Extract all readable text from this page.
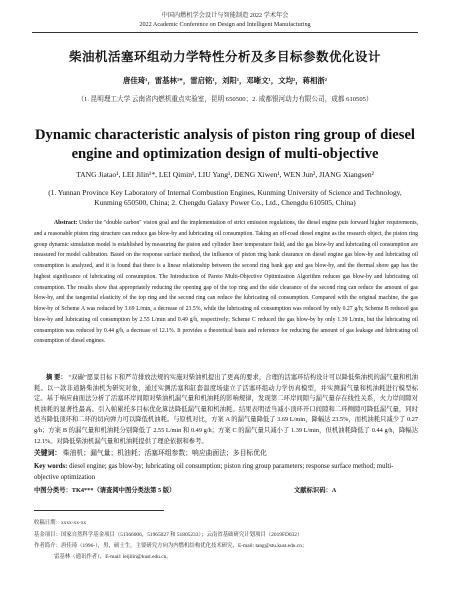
中国内燃机学会设计与智能制造 2022 学术年会
2022 Academic Conference on Design and Intelligent Manufacturing
柴油机活塞环组动力学特性分析及多目标参数优化设计
唐佳琦¹，雷基林¹*，雷启铭¹，刘阳¹，邓晰文¹，文均²，蒋相浙²
（1. 昆明理工大学 云南省内燃机重点实验室，昆明 650500；2. 成都银河动力有限公司，成都 610505）
Dynamic characteristic analysis of piston ring group of diesel engine and optimization design of multi-objective
TANG Jiatao¹, LEI Jilin¹*, LEI Qimin¹, LIU Yang¹, DENG Xiwen¹, WEN Jun², JIANG Xiangsen²
(1. Yunnan Province Key Laboratory of Internal Combustion Engines, Kunming University of Science and Technology, Kunming 650500, China; 2. Chengdu Galaxy Power Co., Ltd., Chengdu 610505, China)
Abstract: Under the "double carbon" vision goal and the implementation of strict emission regulations, the diesel engine puts forward higher requirements, and a reasonable piston ring structure can reduce gas blow-by and lubricating oil consumption. Taking an off-road diesel engine as the research object, the piston ring group dynamic simulation model is established by measuring the piston and cylinder liner temperature field, and the gas blow-by and lubricating oil consumption are measured for model calibration. Based on the response surface method, the influence of piston ring bank clearance on diesel engine gas blow-by and lubricating oil consumption is analyzed, and it is found that there is a linear relationship between the second ring bank gap and gas blow-by, and the thermal shore gap has the highest significance of lubricating oil consumption. The Introduction of Pareto Multi-Objective Optimization Algorithm reduces gas blow-by and lubricating oil consumption. The results show that appropriately reducing the opening gap of the top ring and the side clearance of the second ring can reduce the amount of gas blow-by, and the tangential elasticity of the top ring and the second ring can reduce the lubricating oil consumption. Compared with the original machine, the gas blow-by of Scheme A was reduced by 3.69 L/min, a decrease of 23.5%, while the lubricating oil consumption was reduced by only 0.27 g/h; Scheme B reduced gas blow-by and lubricating oil consumption by 2.55 L/min and 0.49 g/h, respectively; Scheme C reduced the gas blow-by by only 1.39 L/min, but the lubricating oil consumption was reduced by 0.44 g/h, a decrease of 12.1%. It provides a theoretical basis and reference for reducing the amount of gas leakage and lubricating oil consumption of diesel engines.
摘 要： “双碳”愿景目标下和严苛排放法规的实施对柴油机提出了更高的要求，合理的活塞环结构设计可以降低柴油机的漏气量和机油耗。以一款非道路柴油机为研究对象，通过实测活塞和缸套温度场建立了活塞环组动力学仿真模型，并实测漏气量和机油耗进行模型标定。基于响应曲面法分析了活塞环岸间隙对柴油机漏气量和机油耗的影响规律，发现第二环岸间隙与漏气量存在线性关系，火力岸间隙对机油耗的显著性最高。引入帕累托多目标优化算法降低漏气量和机油耗。结果表明适当减小顶环开口间隙和二环侧隙可降低漏气量，同时适当降低顶环和二环的切向弹力可以降低机油耗。与原机对比，方案 A 的漏气量降低了 3.69 L/min，降幅达 23.5%，而机油耗只减少了 0.27 g/h；方案 B 的漏气量和机油耗分别降低了 2.55 L/min 和 0.49 g/h；方案 C 的漏气量只减小了 1.39 L/min，但机油耗降低了 0.44 g/h，降幅达 12.1%。对降低柴油机漏气量和机油耗提供了理论依据和参考。
关键词： 柴油机；漏气量；机油耗；活塞环组参数；响应曲面法；多目标优化
Key words: diesel engine; gas blow-by; lubricating oil consumption; piston ring group parameters; response surface method; multi-objective optimization
中图分类号：TK4***（请查阅中图分类法第 5 版）	文献标识码：A
收稿日期：xxxx-xx-xx
基金项目：国家自然科学基金项目（51366006，51965027 和 51805233）；云南省基础研究计划项目（2019FD032）
作者简介：唐佳琦（1996-），男，硕士生，主要研究方向为内燃机结构优化技术研究，E-mail: tang@stu.kust.edu.cn；
雷基林（通讯作者），E-mail: leijilin@kust.edu.cn。
